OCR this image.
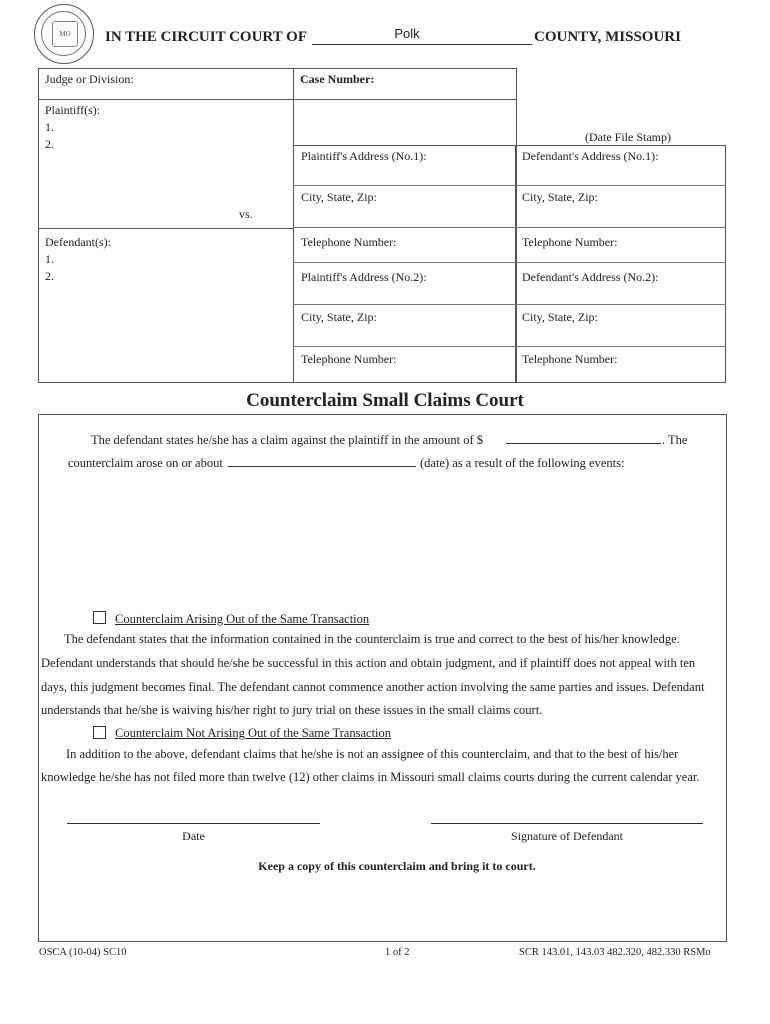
MO	IN THE CIRCUIT COURT OF	Polk	COUNTY, MISSOURI
Judge or Division:	Case Number:
Plaintiff(s):
1.
2.
vs.
Defendant(s):
1.
2.
(Date File Stamp)
Plaintiff's Address (No.1):	Defendant's Address (No.1):
City, State, Zip:	City, State, Zip:
Telephone Number:	Telephone Number:
Plaintiff's Address (No.2):	Defendant's Address (No.2):
City, State, Zip:	City, State, Zip:
Telephone Number:	Telephone Number:
Counterclaim Small Claims Court
The defendant states he/she has a claim against the plaintiff in the amount of $	. The
counterclaim arose on or about	(date) as a result of the following events:
Counterclaim Arising Out of the Same Transaction
The defendant states that the information contained in the counterclaim is true and correct to the best of his/her knowledge.
Defendant understands that should he/she be successful in this action and obtain judgment, and if plaintiff does not appeal with ten
days, this judgment becomes final. The defendant cannot commence another action involving the same parties and issues. Defendant
understands that he/she is waiving his/her right to jury trial on these issues in the small claims court.
Counterclaim Not Arising Out of the Same Transaction
In addition to the above, defendant claims that he/she is not an assignee of this counterclaim, and that to the best of his/her
knowledge he/she has not filed more than twelve (12) other claims in Missouri small claims courts during the current calendar year.
Date	Signature of Defendant
Keep a copy of this counterclaim and bring it to court.
OSCA (10-04) SC10	1 of 2	SCR 143.01, 143.03 482.320, 482.330 RSMo
